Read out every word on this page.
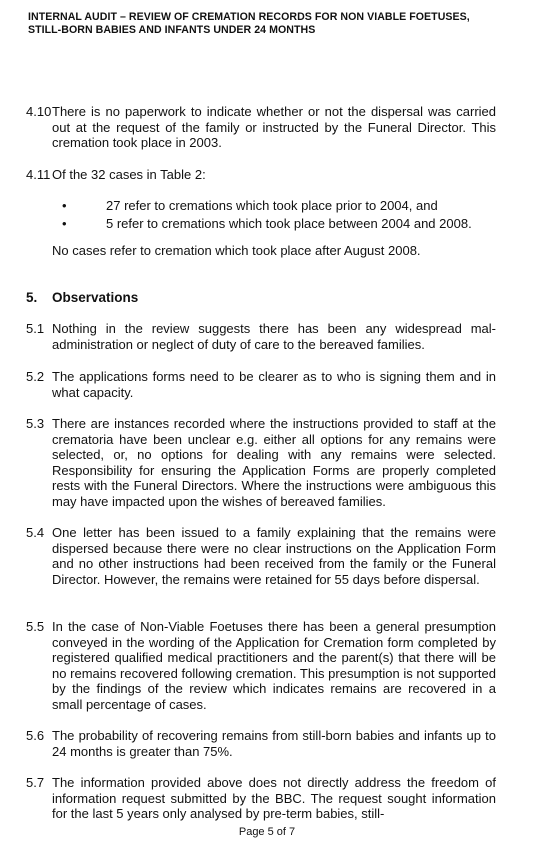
INTERNAL AUDIT – REVIEW OF CREMATION RECORDS FOR NON VIABLE FOETUSES,
STILL-BORN BABIES AND INFANTS UNDER 24 MONTHS
4.10 There is no paperwork to indicate whether or not the dispersal was carried out at the request of the family or instructed by the Funeral Director. This cremation took place in 2003.
4.11 Of the 32 cases in Table 2:
•	27 refer to cremations which took place prior to 2004, and
•	5 refer to cremations which took place between 2004 and 2008.
No cases refer to cremation which took place after August 2008.
5. Observations
5.1 Nothing in the review suggests there has been any widespread mal-administration or neglect of duty of care to the bereaved families.
5.2 The applications forms need to be clearer as to who is signing them and in what capacity.
5.3 There are instances recorded where the instructions provided to staff at the crematoria have been unclear e.g. either all options for any remains were selected, or, no options for dealing with any remains were selected. Responsibility for ensuring the Application Forms are properly completed rests with the Funeral Directors. Where the instructions were ambiguous this may have impacted upon the wishes of bereaved families.
5.4 One letter has been issued to a family explaining that the remains were dispersed because there were no clear instructions on the Application Form and no other instructions had been received from the family or the Funeral Director. However, the remains were retained for 55 days before dispersal.
5.5 In the case of Non-Viable Foetuses there has been a general presumption conveyed in the wording of the Application for Cremation form completed by registered qualified medical practitioners and the parent(s) that there will be no remains recovered following cremation. This presumption is not supported by the findings of the review which indicates remains are recovered in a small percentage of cases.
5.6 The probability of recovering remains from still-born babies and infants up to 24 months is greater than 75%.
5.7 The information provided above does not directly address the freedom of information request submitted by the BBC. The request sought information for the last 5 years only analysed by pre-term babies, still-
Page 5 of 7
